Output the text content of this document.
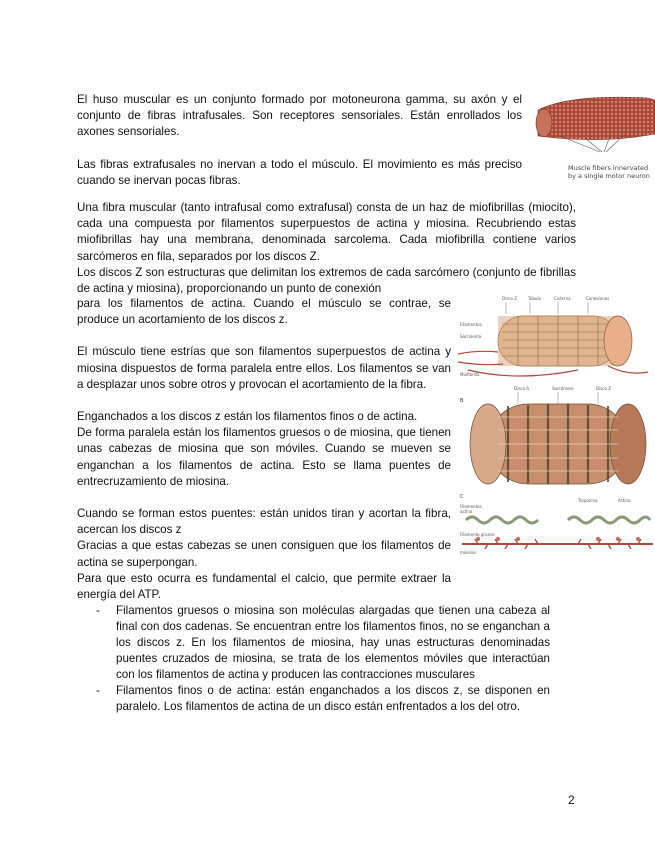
El huso muscular es un conjunto formado por motoneurona gamma, su axón y el conjunto de fibras intrafusales. Son receptores sensoriales. Están enrollados los axones sensoriales.

Las fibras extrafusales no inervan a todo el músculo. El movimiento es más preciso cuando se inervan pocas fibras.

Muscle fibers innervated
by a single motor neuron

Una fibra muscular (tanto intrafusal como extrafusal) consta de un haz de miofibrillas (miocito), cada una compuesta por filamentos superpuestos de actina y miosina. Recubriendo estas miofibrillas hay una membrana, denominada sarcolema. Cada miofibrilla contiene varios sarcómeros en fila, separados por los discos Z.

Los discos Z son estructuras que delimitan los extremos de cada sarcómero (conjunto de fibrillas de actina y miosina), proporcionando un punto de conexión

para los filamentos de actina. Cuando el músculo se contrae, se produce un acortamiento de los discos z.

El músculo tiene estrías que son filamentos superpuestos de actina y miosina dispuestos de forma paralela entre ellos. Los filamentos se van a desplazar unos sobre otros y provocan el acortamiento de la fibra.

Enganchados a los discos z están los filamentos finos o de actina.

De forma paralela están los filamentos gruesos o de miosina, que tienen unas cabezas de miosina que son móviles. Cuando se mueven se enganchan a los filamentos de actina. Esto se llama puentes de entrecruzamiento de miosina.

Cuando se forman estos puentes: están unidos tiran y acortan la fibra, acercan los discos z

Gracias a que estas cabezas se unen consiguen que los filamentos de actina se superpongan.

Para que esto ocurra es fundamental el calcio, que permite extraer la energía del ATP.

Disco Z	Túbulo	Cisterna	Conexiones
Filamentos
Sarcolema
Miofibrilla
B
Disco A	Sarcómero	Disco Z
C
Filamentos
actina
Filamento grueso
miosina
Troponina	Actina
- Filamentos gruesos o miosina son moléculas alargadas que tienen una cabeza al final con dos cadenas. Se encuentran entre los filamentos finos, no se enganchan a los discos z. En los filamentos de miosina, hay unas estructuras denominadas puentes cruzados de miosina, se trata de los elementos móviles que interactúan con los filamentos de actina y producen las contracciones musculares
- Filamentos finos o de actina: están enganchados a los discos z, se disponen en paralelo. Los filamentos de actina de un disco están enfrentados a los del otro.
2
